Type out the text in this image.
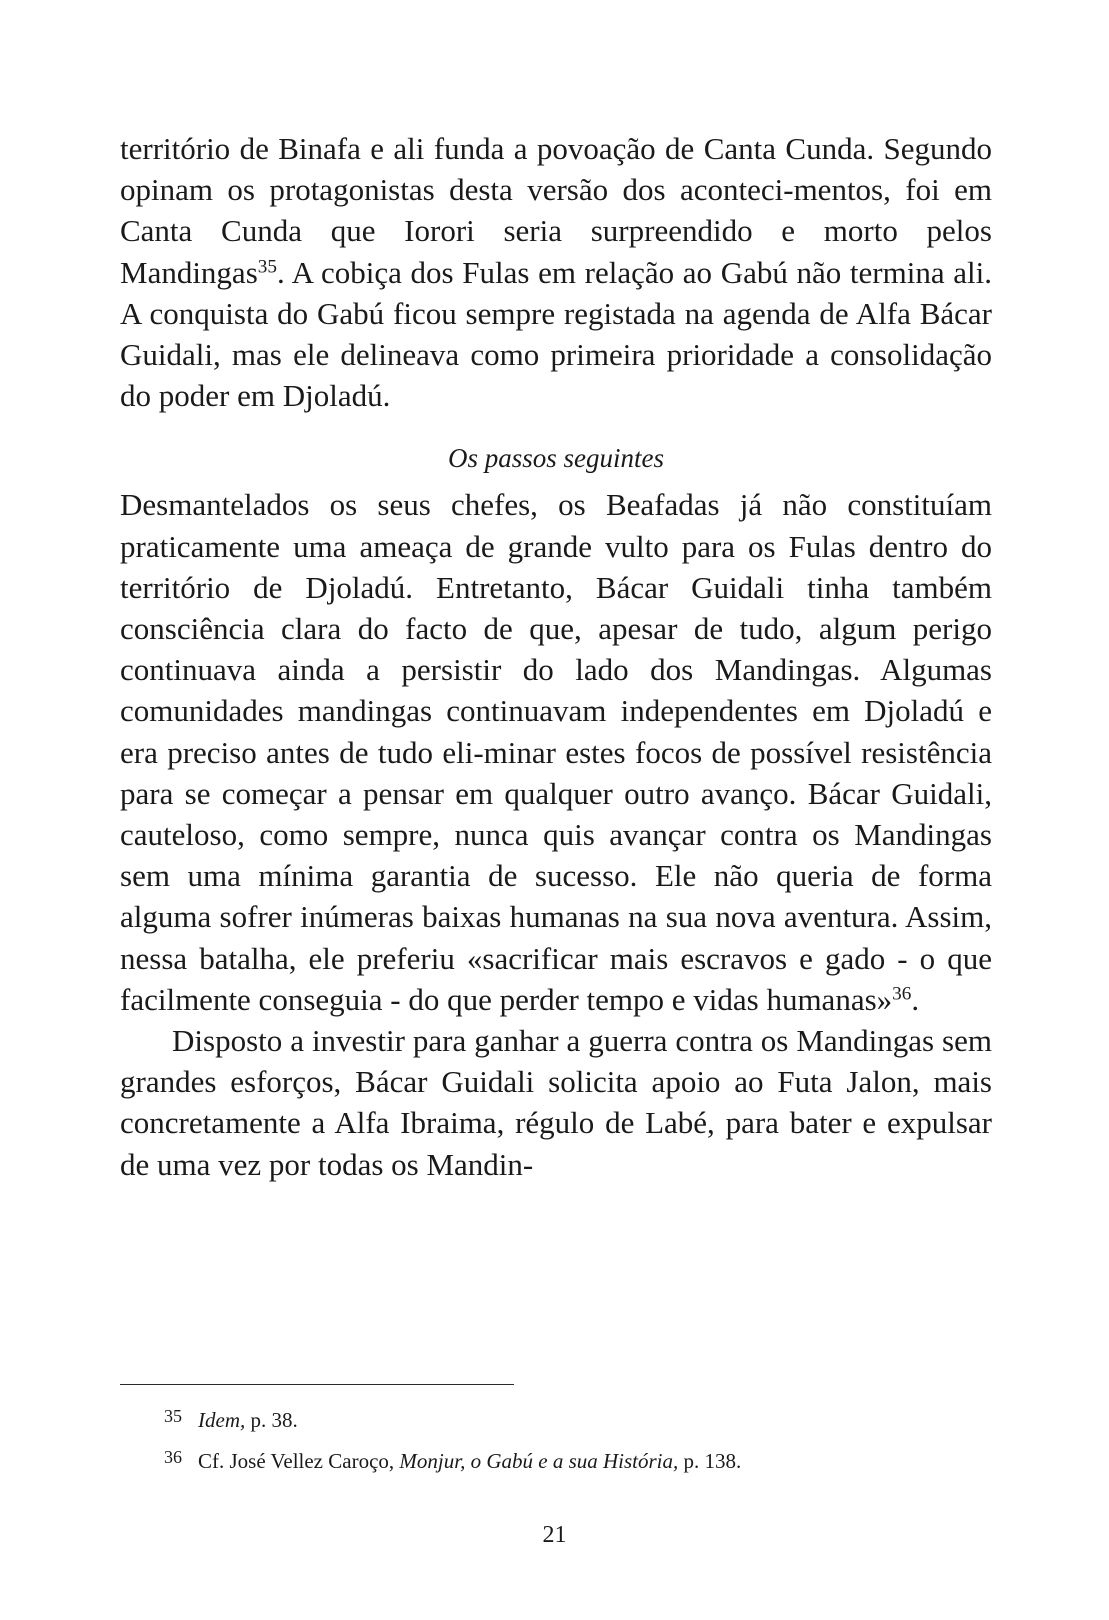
território de Binafa e ali funda a povoação de Canta Cunda. Segundo opinam os protagonistas desta versão dos aconteci-mentos, foi em Canta Cunda que Iorori seria surpreendido e morto pelos Mandingas$^{35}$. A cobiça dos Fulas em relação ao Gabú não termina ali. A conquista do Gabú ficou sempre registada na agenda de Alfa Bácar Guidali, mas ele delineava como primeira prioridade a consolidação do poder em Djoladú.

Os passos seguintes

Desmantelados os seus chefes, os Beafadas já não constituíam praticamente uma ameaça de grande vulto para os Fulas dentro do território de Djoladú. Entretanto, Bácar Guidali tinha também consciência clara do facto de que, apesar de tudo, algum perigo continuava ainda a persistir do lado dos Mandingas. Algumas comunidades mandingas continuavam independentes em Djoladú e era preciso antes de tudo eli-minar estes focos de possível resistência para se começar a pensar em qualquer outro avanço. Bácar Guidali, cauteloso, como sempre, nunca quis avançar contra os Mandingas sem uma mínima garantia de sucesso. Ele não queria de forma alguma sofrer inúmeras baixas humanas na sua nova aventura. Assim, nessa batalha, ele preferiu «sacrificar mais escravos e gado - o que facilmente conseguia - do que perder tempo e vidas humanas»$^{36}$.

Disposto a investir para ganhar a guerra contra os Mandingas sem grandes esforços, Bácar Guidali solicita apoio ao Futa Jalon, mais concretamente a Alfa Ibraima, régulo de Labé, para bater e expulsar de uma vez por todas os Mandin-

35 Idem, p. 38.
36 Cf. José Vellez Caroço, Monjur, o Gabú e a sua História, p. 138.
21
